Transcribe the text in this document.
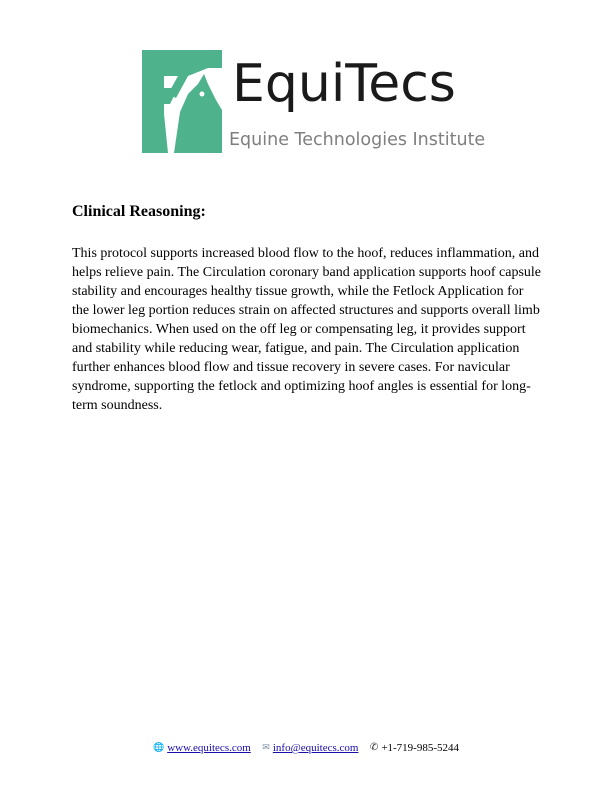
EquiTecs
Equine Technologies Institute
Clinical Reasoning:

This protocol supports increased blood flow to the hoof, reduces inflammation, and helps relieve pain. The Circulation coronary band application supports hoof capsule stability and encourages healthy tissue growth, while the Fetlock Application for the lower leg portion reduces strain on affected structures and supports overall limb biomechanics. When used on the off leg or compensating leg, it provides support and stability while reducing wear, fatigue, and pain. The Circulation application further enhances blood flow and tissue recovery in severe cases. For navicular syndrome, supporting the fetlock and optimizing hoof angles is essential for long-term soundness.

🌐 www.equitecs.com ✉ info@equitecs.com ✆ +1-719-985-5244
